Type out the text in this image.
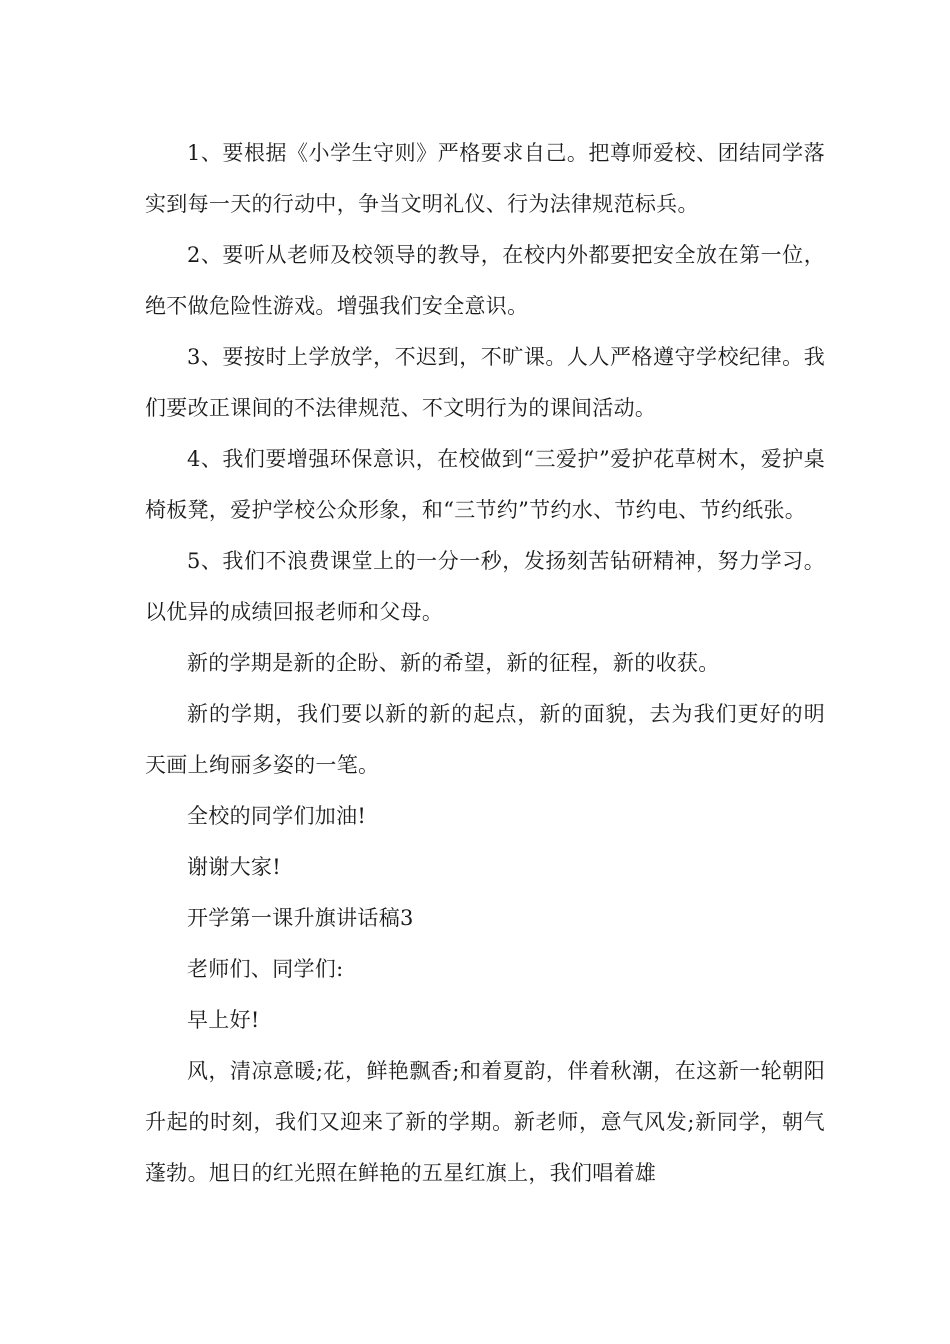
1、要根据《小学生守则》严格要求自己。把尊师爱校、团结同学落实到每一天的行动中，争当文明礼仪、行为法律规范标兵。

2、要听从老师及校领导的教导，在校内外都要把安全放在第一位，绝不做危险性游戏。增强我们安全意识。

3、要按时上学放学，不迟到，不旷课。人人严格遵守学校纪律。我们要改正课间的不法律规范、不文明行为的课间活动。

4、我们要增强环保意识，在校做到“三爱护”爱护花草树木，爱护桌椅板凳，爱护学校公众形象，和“三节约”节约水、节约电、节约纸张。

5、我们不浪费课堂上的一分一秒，发扬刻苦钻研精神，努力学习。以优异的成绩回报老师和父母。

新的学期是新的企盼、新的希望，新的征程，新的收获。

新的学期，我们要以新的新的起点，新的面貌，去为我们更好的明天画上绚丽多姿的一笔。

全校的同学们加油!

谢谢大家!

开学第一课升旗讲话稿3

老师们、同学们:

早上好!

风，清凉意暖;花，鲜艳飘香;和着夏韵，伴着秋潮，在这新一轮朝阳升起的时刻，我们又迎来了新的学期。新老师，意气风发;新同学，朝气蓬勃。旭日的红光照在鲜艳的五星红旗上，我们唱着雄
